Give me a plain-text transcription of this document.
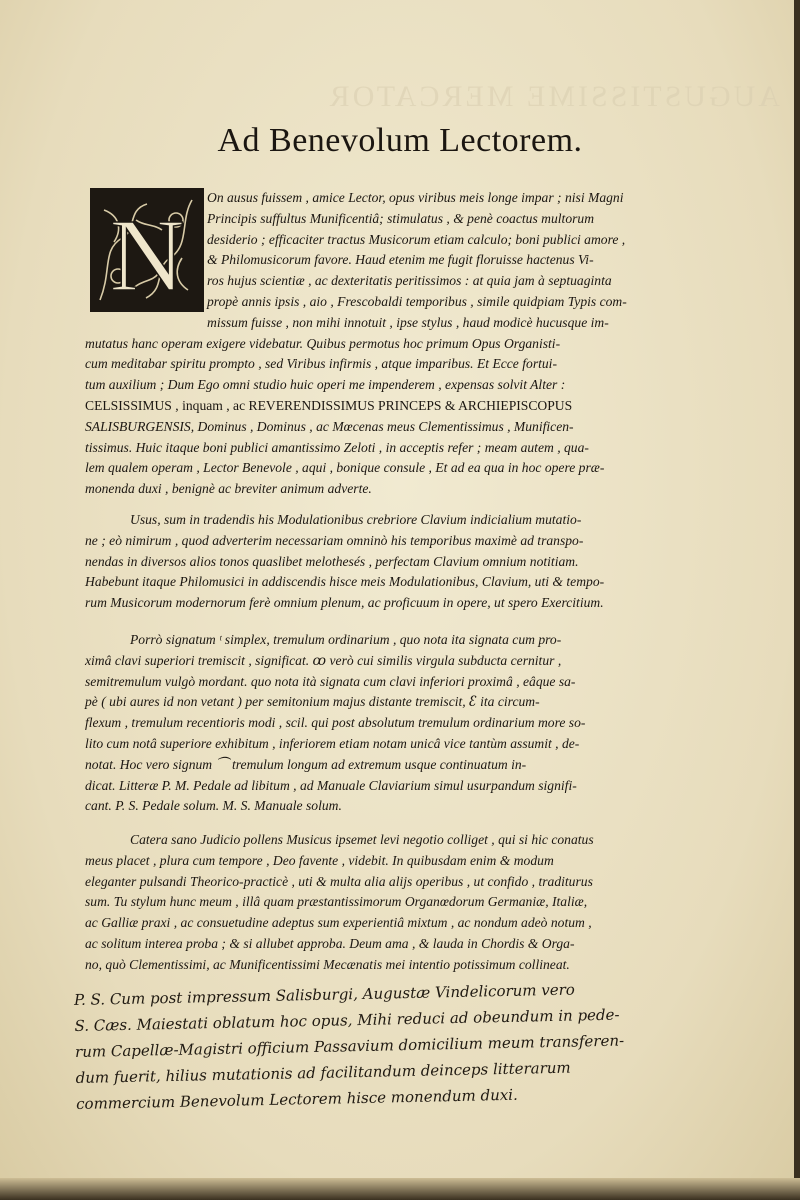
AUGUSTISSIME MERCATOR
Ad Benevolum Lectorem.
N
On ausus fuissem , amice Lector, opus viribus meis longe impar ; nisi Magni
Principis suffultus Munificentiâ; stimulatus , & penè coactus multorum
desiderio ; efficaciter tractus Musicorum etiam calculo; boni publici amore ,
& Philomusicorum favore. Haud etenim me fugit floruisse hactenus Vi-
ros hujus scientiæ , ac dexteritatis peritissimos : at quia jam à septuaginta
propè annis ipsis , aio , Frescobaldi temporibus , simile quidpiam Typis com-
missum fuisse , non mihi innotuit , ipse stylus , haud modicè hucusque im-
mutatus hanc operam exigere videbatur. Quibus permotus hoc primum Opus Organisti-
cum meditabar spiritu prompto , sed Viribus infirmis , atque imparibus. Et Ecce fortui-
tum auxilium ; Dum Ego omni studio huic operi me impenderem , expensas solvit Alter :
CELSISSIMUS , inquam , ac REVERENDISSIMUS PRINCEPS & ARCHIEPISCOPUS
SALISBURGENSIS, Dominus , Dominus , ac Mœcenas meus Clementissimus , Munificen-
tissimus. Huic itaque boni publici amantissimo Zeloti , in acceptis refer ; meam autem , qua-
lem qualem operam , Lector Benevole , aqui , bonique consule , Et ad ea qua in hoc opere præ-
monenda duxi , benignè ac breviter animum adverte.
Usus, sum in tradendis his Modulationibus crebriore Clavium indicialium mutatio-
ne ; eò nimirum , quod adverterim necessariam omninò his temporibus maximè ad transpo-
nendas in diversos alios tonos quaslibet melothesés , perfectam Clavium omnium notitiam.
Habebunt itaque Philomusici in addiscendis hisce meis Modulationibus, Clavium, uti & tempo-
rum Musicorum modernorum ferè omnium plenum, ac proficuum in opere, ut spero Exercitium.
Porrò signatum ᵗ simplex, tremulum ordinarium , quo nota ita signata cum pro-
ximâ clavi superiori tremiscit , significat. ꝏ verò cui similis virgula subducta cernitur ,
semitremulum vulgò mordant. quo nota ità signata cum clavi inferiori proximâ , eâque sa-
pè ( ubi aures id non vetant ) per semitonium majus distante tremiscit, ꜫ ita circum-
flexum , tremulum recentioris modi , scil. qui post absolutum tremulum ordinarium more so-
lito cum notâ superiore exhibitum , inferiorem etiam notam unicâ vice tantùm assumit , de-
notat. Hoc vero signum ⏜ tremulum longum ad extremum usque continuatum in-
dicat. Litteræ P. M. Pedale ad libitum , ad Manuale Claviarium simul usurpandum signifi-
cant. P. S. Pedale solum. M. S. Manuale solum.
Catera sano Judicio pollens Musicus ipsemet levi negotio colliget , qui si hic conatus
meus placet , plura cum tempore , Deo favente , videbit. In quibusdam enim & modum
eleganter pulsandi Theorico-practicè , uti & multa alia alijs operibus , ut confido , traditurus
sum. Tu stylum hunc meum , illâ quam præstantissimorum Organœdorum Germaniæ, Italiæ,
ac Galliæ praxi , ac consuetudine adeptus sum experientiâ mixtum , ac nondum adeò notum ,
ac solitum interea proba ; & si allubet approba. Deum ama , & lauda in Chordis & Orga-
no, quò Clementissimi, ac Munificentissimi Mecænatis mei intentio potissimum collineat.
P. S. Cum post impressum Salisburgi, Augustæ Vindelicorum vero
S. Cæs. Maiestati oblatum hoc opus, Mihi reduci ad obeundum in pede-
rum Capellæ-Magistri officium Passavium domicilium meum transferen-
dum fuerit, hilius mutationis ad facilitandum deinceps litterarum
commercium Benevolum Lectorem hisce monendum duxi.
